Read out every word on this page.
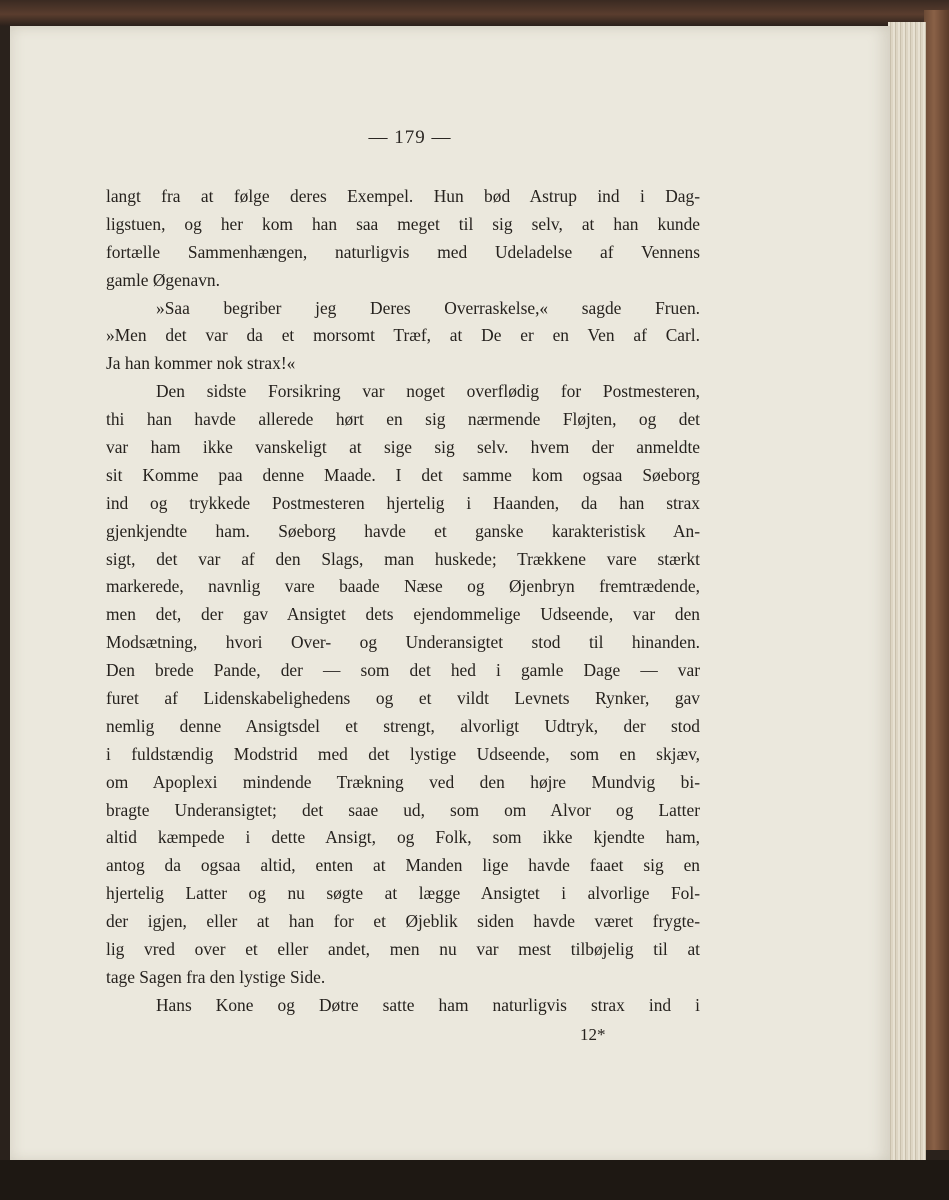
— 179 —
langt fra at følge deres Exempel. Hun bød Astrup ind i Dag-
ligstuen, og her kom han saa meget til sig selv, at han kunde
fortælle Sammenhængen, naturligvis med Udeladelse af Vennens
gamle Øgenavn.
»Saa begriber jeg Deres Overraskelse,« sagde Fruen.
»Men det var da et morsomt Træf, at De er en Ven af Carl.
Ja han kommer nok strax!«
Den sidste Forsikring var noget overflødig for Postmesteren,
thi han havde allerede hørt en sig nærmende Fløjten, og det
var ham ikke vanskeligt at sige sig selv. hvem der anmeldte
sit Komme paa denne Maade. I det samme kom ogsaa Søeborg
ind og trykkede Postmesteren hjertelig i Haanden, da han strax
gjenkjendte ham. Søeborg havde et ganske karakteristisk An-
sigt, det var af den Slags, man huskede; Trækkene vare stærkt
markerede, navnlig vare baade Næse og Øjenbryn fremtrædende,
men det, der gav Ansigtet dets ejendommelige Udseende, var den
Modsætning, hvori Over- og Underansigtet stod til hinanden.
Den brede Pande, der — som det hed i gamle Dage — var
furet af Lidenskabelighedens og et vildt Levnets Rynker, gav
nemlig denne Ansigtsdel et strengt, alvorligt Udtryk, der stod
i fuldstændig Modstrid med det lystige Udseende, som en skjæv,
om Apoplexi mindende Trækning ved den højre Mundvig bi-
bragte Underansigtet; det saae ud, som om Alvor og Latter
altid kæmpede i dette Ansigt, og Folk, som ikke kjendte ham,
antog da ogsaa altid, enten at Manden lige havde faaet sig en
hjertelig Latter og nu søgte at lægge Ansigtet i alvorlige Fol-
der igjen, eller at han for et Øjeblik siden havde været frygte-
lig vred over et eller andet, men nu var mest tilbøjelig til at
tage Sagen fra den lystige Side.
Hans Kone og Døtre satte ham naturligvis strax ind i
12*
